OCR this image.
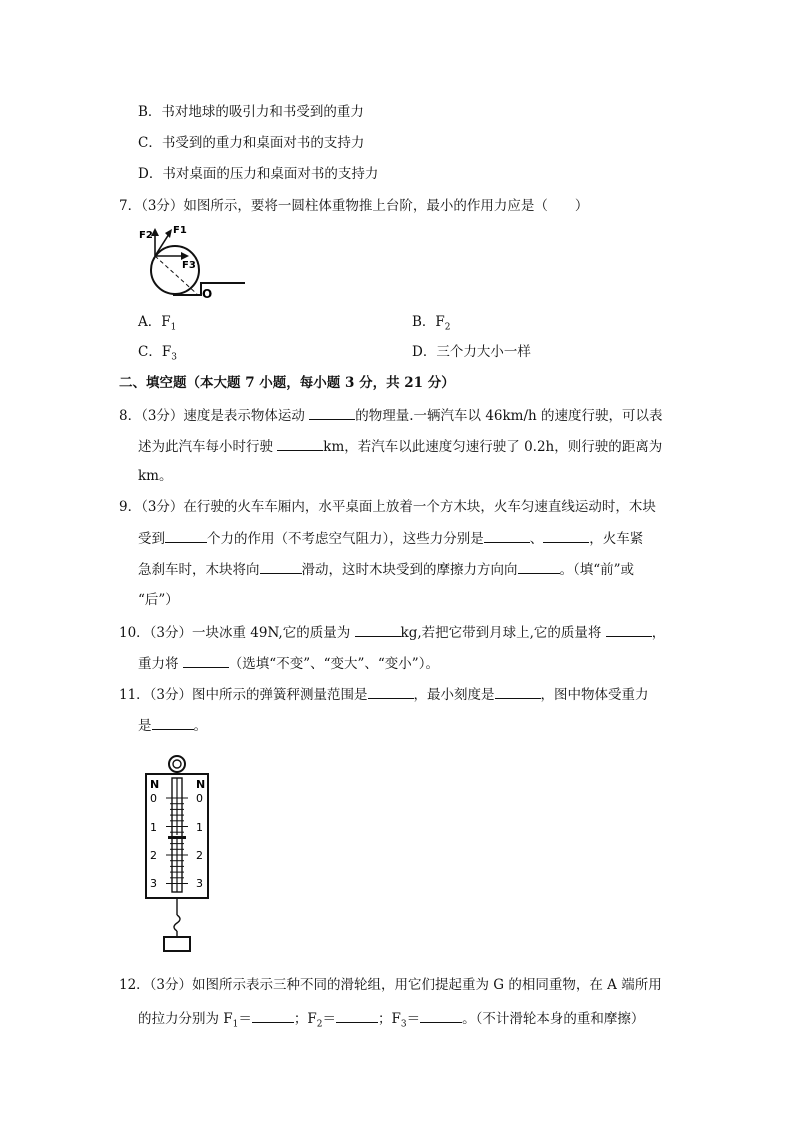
B．书对地球的吸引力和书受到的重力
C．书受到的重力和桌面对书的支持力
D．书对桌面的压力和桌面对书的支持力
7．（3分）如图所示，要将一圆柱体重物推上台阶，最小的作用力应是（　　）
F2 F1
F3
O
A．$F_1$	B．$F_2$
C．$F_3$	D．三个力大小一样
二、填空题（本大题 7 小题，每小题 3 分，共 21 分）
8．（3分）速度是表示物体运动	的物理量.一辆汽车以 46km/h 的速度行驶，可以表
述为此汽车每小时行驶	km，若汽车以此速度匀速行驶了 0.2h，则行驶的距离为
km。
9．（3分）在行驶的火车车厢内，水平桌面上放着一个方木块，火车匀速直线运动时，木块
受到	个力的作用（不考虑空气阻力），这些力分别是	、	，火车紧
急刹车时，木块将向	滑动，这时木块受到的摩擦力方向向	。（填“前”或
“后”）
10．（3分）一块冰重 49N,它的质量为	kg,若把它带到月球上,它的质量将	，
重力将	（选填“不变”、“变大”、“变小”）。
11．（3分）图中所示的弹簧秤测量范围是	，最小刻度是	，图中物体受重力
是	。
N	N
0
1
2
3
0
1
2
3
12．（3分）如图所示表示三种不同的滑轮组，用它们提起重为 G 的相同重物，在 A 端所用
的拉力分别为 $F_1=$	；$F_2=$	；$F_3=$	。（不计滑轮本身的重和摩擦）
